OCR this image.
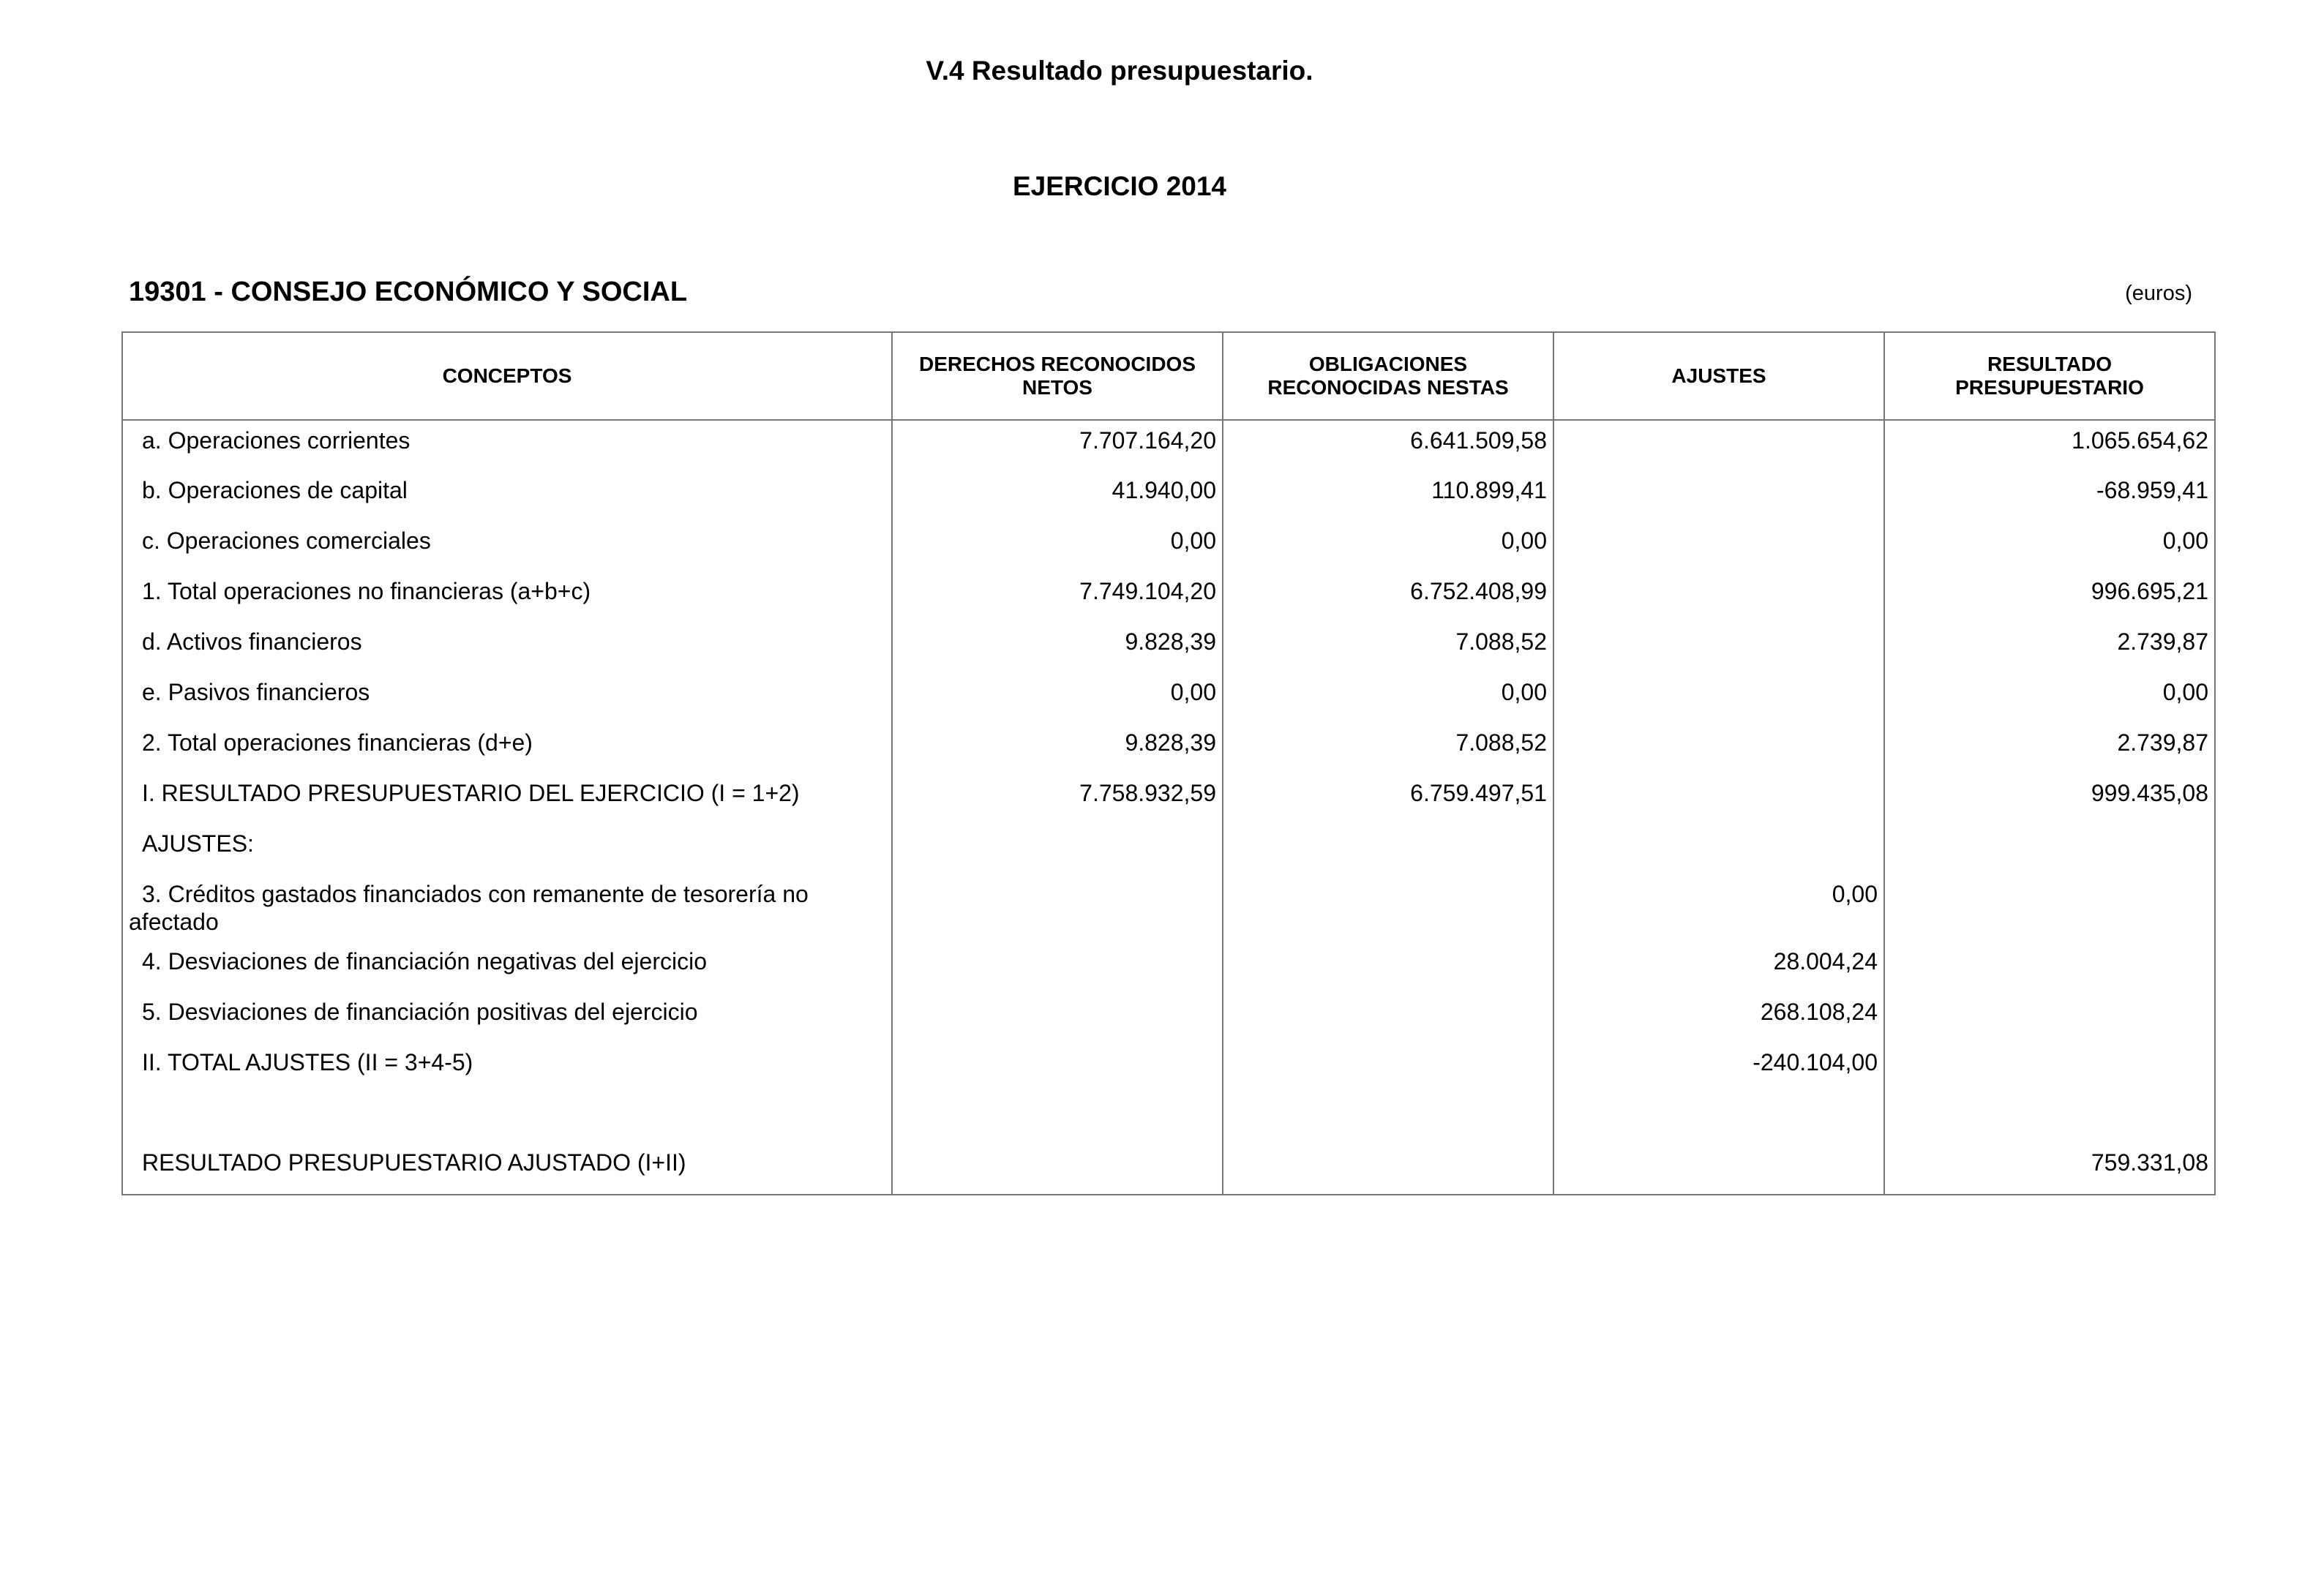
V.4 Resultado presupuestario.
EJERCICIO 2014
19301 - CONSEJO ECONÓMICO Y SOCIAL	(euros)
CONCEPTOS	DERECHOS RECONOCIDOS NETOS	OBLIGACIONES RECONOCIDAS NESTAS	AJUSTES	RESULTADO PRESUPUESTARIO
a. Operaciones corrientes	7.707.164,20	6.641.509,58		1.065.654,62
b. Operaciones de capital	41.940,00	110.899,41		-68.959,41
c. Operaciones comerciales	0,00	0,00		0,00
1. Total operaciones no financieras (a+b+c)	7.749.104,20	6.752.408,99		996.695,21
d. Activos financieros	9.828,39	7.088,52		2.739,87
e. Pasivos financieros	0,00	0,00		0,00
2. Total operaciones financieras (d+e)	9.828,39	7.088,52		2.739,87
I. RESULTADO PRESUPUESTARIO DEL EJERCICIO (I = 1+2)	7.758.932,59	6.759.497,51		999.435,08
AJUSTES:				
3. Créditos gastados financiados con remanente de tesorería no afectado			0,00	
4. Desviaciones de financiación negativas del ejercicio			28.004,24	
5. Desviaciones de financiación positivas del ejercicio			268.108,24	
II. TOTAL AJUSTES (II = 3+4-5)			-240.104,00	

RESULTADO PRESUPUESTARIO AJUSTADO (I+II)				759.331,08
